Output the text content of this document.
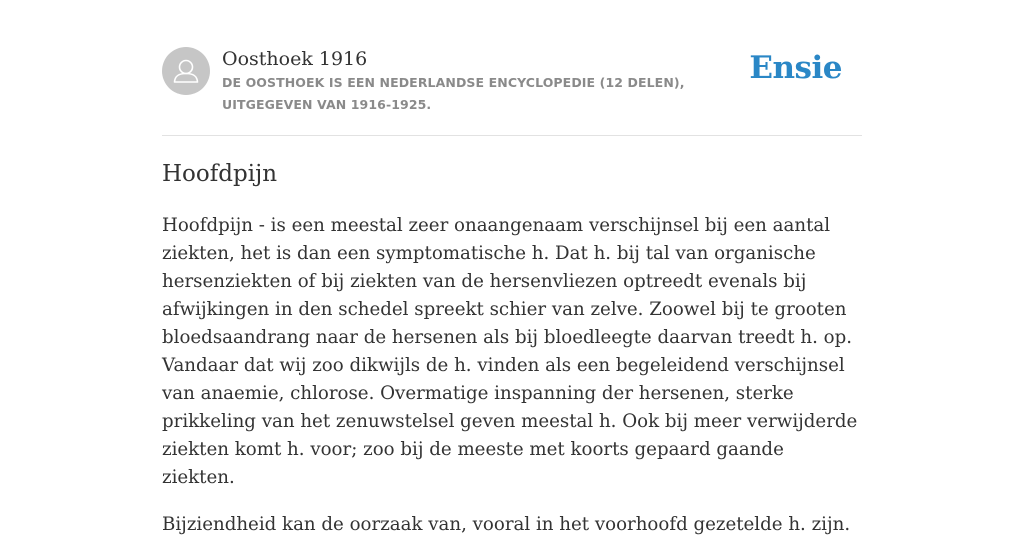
Oosthoek 1916
DE OOSTHOEK IS EEN NEDERLANDSE ENCYCLOPEDIE (12 DELEN), UITGEGEVEN VAN 1916-1925.
Ensie
Hoofdpijn

Hoofdpijn - is een meestal zeer onaangenaam verschijnsel bij een aantal ziekten, het is dan een symptomatische h. Dat h. bij tal van organische hersenziekten of bij ziekten van de hersenvliezen optreedt evenals bij afwijkingen in den schedel spreekt schier van zelve. Zoowel bij te grooten bloedsaandrang naar de hersenen als bij bloedleegte daarvan treedt h. op. Vandaar dat wij zoo dikwijls de h. vinden als een begeleidend verschijnsel van anaemie, chlorose. Overmatige inspanning der hersenen, sterke prikkeling van het zenuwstelsel geven meestal h. Ook bij meer verwijderde ziekten komt h. voor; zoo bij de meeste met koorts gepaard gaande ziekten.

Bijziendheid kan de oorzaak van, vooral in het voorhoofd gezetelde h. zijn.
